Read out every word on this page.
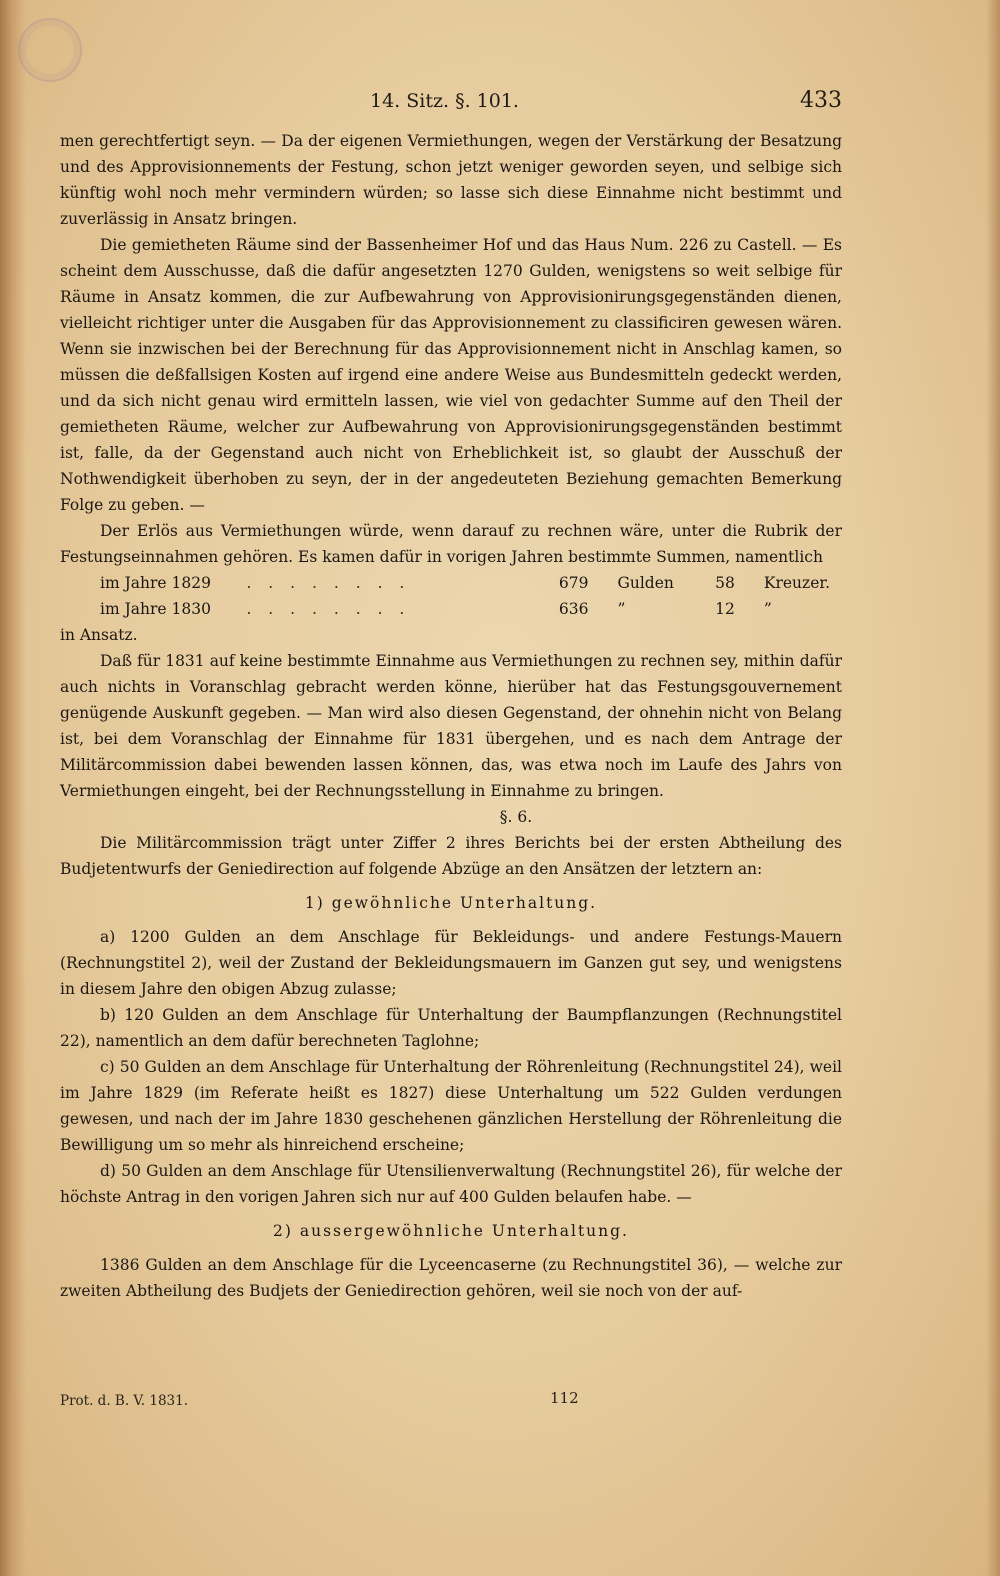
14. Sitz. §. 101.	433

men gerechtfertigt seyn. — Da der eigenen Vermiethungen, wegen der Verstärkung der Besatzung und des Approvisionnements der Festung, schon jetzt weniger geworden seyen, und selbige sich künftig wohl noch mehr vermindern würden; so lasse sich diese Einnahme nicht bestimmt und zuverlässig in Ansatz bringen.

Die gemietheten Räume sind der Bassenheimer Hof und das Haus Num. 226 zu Castell. — Es scheint dem Ausschusse, daß die dafür angesetzten 1270 Gulden, wenigstens so weit selbige für Räume in Ansatz kommen, die zur Aufbewahrung von Approvisionirungsgegenständen dienen, vielleicht richtiger unter die Ausgaben für das Approvisionnement zu classificiren gewesen wären. Wenn sie inzwischen bei der Berechnung für das Approvisionnement nicht in Anschlag kamen, so müssen die deßfallsigen Kosten auf irgend eine andere Weise aus Bundesmitteln gedeckt werden, und da sich nicht genau wird ermitteln lassen, wie viel von gedachter Summe auf den Theil der gemietheten Räume, welcher zur Aufbewahrung von Approvisionirungsgegenständen bestimmt ist, falle, da der Gegenstand auch nicht von Erheblichkeit ist, so glaubt der Ausschuß der Nothwendigkeit überhoben zu seyn, der in der angedeuteten Beziehung gemachten Bemerkung Folge zu geben. —

Der Erlös aus Vermiethungen würde, wenn darauf zu rechnen wäre, unter die Rubrik der Festungseinnahmen gehören. Es kamen dafür in vorigen Jahren bestimmte Summen, namentlich

im Jahre 1829	. . . . . . . .	679	Gulden	58	Kreuzer.
im Jahre 1830	. . . . . . . .	636	”	12	”

in Ansatz.

Daß für 1831 auf keine bestimmte Einnahme aus Vermiethungen zu rechnen sey, mithin dafür auch nichts in Voranschlag gebracht werden könne, hierüber hat das Festungsgouvernement genügende Auskunft gegeben. — Man wird also diesen Gegenstand, der ohnehin nicht von Belang ist, bei dem Voranschlag der Einnahme für 1831 übergehen, und es nach dem Antrage der Militärcommission dabei bewenden lassen können, das, was etwa noch im Laufe des Jahrs von Vermiethungen eingeht, bei der Rechnungsstellung in Einnahme zu bringen.

§. 6.

Die Militärcommission trägt unter Ziffer 2 ihres Berichts bei der ersten Abtheilung des Budjetentwurfs der Geniedirection auf folgende Abzüge an den Ansätzen der letztern an:

1) gewöhnliche Unterhaltung.

a) 1200 Gulden an dem Anschlage für Bekleidungs- und andere Festungs-Mauern (Rechnungstitel 2), weil der Zustand der Bekleidungsmauern im Ganzen gut sey, und wenigstens in diesem Jahre den obigen Abzug zulasse;

b) 120 Gulden an dem Anschlage für Unterhaltung der Baumpflanzungen (Rechnungstitel 22), namentlich an dem dafür berechneten Taglohne;

c) 50 Gulden an dem Anschlage für Unterhaltung der Röhrenleitung (Rechnungstitel 24), weil im Jahre 1829 (im Referate heißt es 1827) diese Unterhaltung um 522 Gulden verdungen gewesen, und nach der im Jahre 1830 geschehenen gänzlichen Herstellung der Röhrenleitung die Bewilligung um so mehr als hinreichend erscheine;

d) 50 Gulden an dem Anschlage für Utensilienverwaltung (Rechnungstitel 26), für welche der höchste Antrag in den vorigen Jahren sich nur auf 400 Gulden belaufen habe. —

2) aussergewöhnliche Unterhaltung.

1386 Gulden an dem Anschlage für die Lyceencaserne (zu Rechnungstitel 36), — welche zur zweiten Abtheilung des Budjets der Geniedirection gehören, weil sie noch von der auf-

Prot. d. B. V. 1831.	112
